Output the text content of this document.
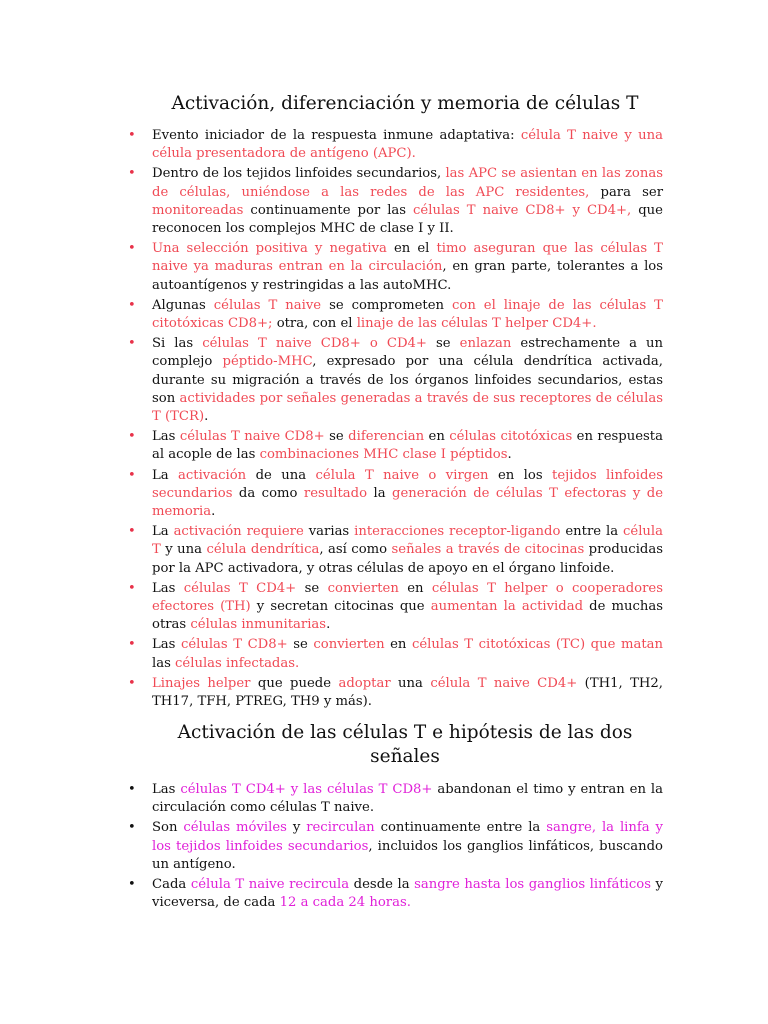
Activación, diferenciación y memoria de células T
• Evento iniciador de la respuesta inmune adaptativa: célula T naive y una célula presentadora de antígeno (APC).
• Dentro de los tejidos linfoides secundarios, las APC se asientan en las zonas de células, uniéndose a las redes de las APC residentes, para ser monitoreadas continuamente por las células T naive CD8+ y CD4+, que reconocen los complejos MHC de clase I y II.
• Una selección positiva y negativa en el timo aseguran que las células T naive ya maduras entran en la circulación, en gran parte, tolerantes a los autoantígenos y restringidas a las autoMHC.
• Algunas células T naive se comprometen con el linaje de las células T citotóxicas CD8+; otra, con el linaje de las células T helper CD4+.
• Si las células T naive CD8+ o CD4+ se enlazan estrechamente a un complejo péptido-MHC, expresado por una célula dendrítica activada, durante su migración a través de los órganos linfoides secundarios, estas son actividades por señales generadas a través de sus receptores de células T (TCR).
• Las células T naive CD8+ se diferencian en células citotóxicas en respuesta al acople de las combinaciones MHC clase I péptidos.
• La activación de una célula T naive o virgen en los tejidos linfoides secundarios da como resultado la generación de células T efectoras y de memoria.
• La activación requiere varias interacciones receptor-ligando entre la célula T y una célula dendrítica, así como señales a través de citocinas producidas por la APC activadora, y otras células de apoyo en el órgano linfoide.
• Las células T CD4+ se convierten en células T helper o cooperadores efectores (TH) y secretan citocinas que aumentan la actividad de muchas otras células inmunitarias.
• Las células T CD8+ se convierten en células T citotóxicas (TC) que matan las células infectadas.
• Linajes helper que puede adoptar una célula T naive CD4+ (TH1, TH2, TH17, TFH, PTREG, TH9 y más).
Activación de las células T e hipótesis de las dos señales
• Las células T CD4+ y las células T CD8+ abandonan el timo y entran en la circulación como células T naive.
• Son células móviles y recirculan continuamente entre la sangre, la linfa y los tejidos linfoides secundarios, incluidos los ganglios linfáticos, buscando un antígeno.
• Cada célula T naive recircula desde la sangre hasta los ganglios linfáticos y viceversa, de cada 12 a cada 24 horas.
